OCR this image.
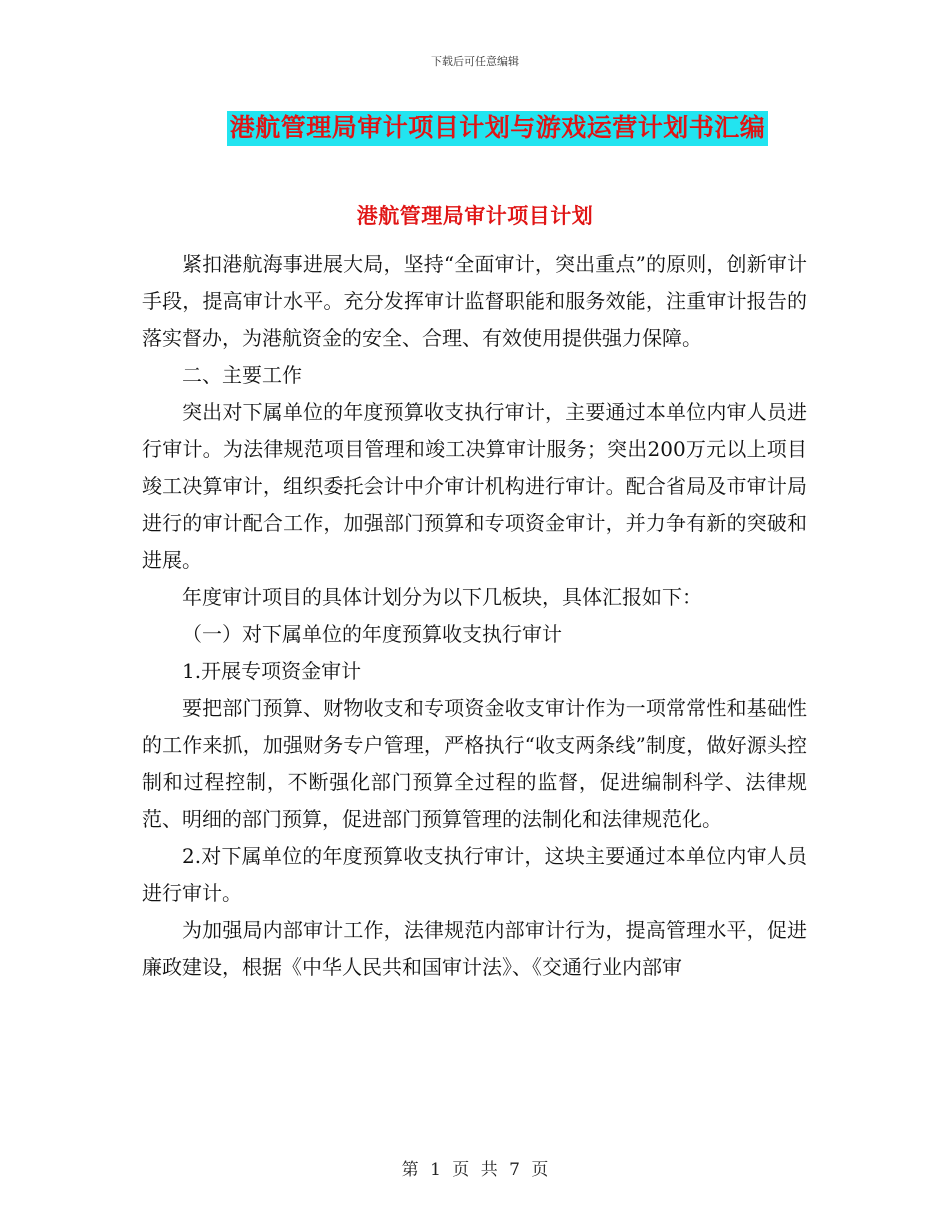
下载后可任意编辑
港航管理局审计项目计划与游戏运营计划书汇编
港航管理局审计项目计划

紧扣港航海事进展大局，坚持“全面审计，突出重点”的原则，创新审计手段，提高审计水平。充分发挥审计监督职能和服务效能，注重审计报告的落实督办，为港航资金的安全、合理、有效使用提供强力保障。

二、主要工作

突出对下属单位的年度预算收支执行审计，主要通过本单位内审人员进行审计。为法律规范项目管理和竣工决算审计服务；突出200万元以上项目竣工决算审计，组织委托会计中介审计机构进行审计。配合省局及市审计局进行的审计配合工作，加强部门预算和专项资金审计，并力争有新的突破和进展。

年度审计项目的具体计划分为以下几板块，具体汇报如下：

（一）对下属单位的年度预算收支执行审计

1.开展专项资金审计

要把部门预算、财物收支和专项资金收支审计作为一项常常性和基础性的工作来抓，加强财务专户管理，严格执行“收支两条线”制度，做好源头控制和过程控制，不断强化部门预算全过程的监督，促进编制科学、法律规范、明细的部门预算，促进部门预算管理的法制化和法律规范化。

2.对下属单位的年度预算收支执行审计，这块主要通过本单位内审人员进行审计。

为加强局内部审计工作，法律规范内部审计行为，提高管理水平，促进廉政建设，根据《中华人民共和国审计法》、《交通行业内部审

第 1 页 共 7 页
